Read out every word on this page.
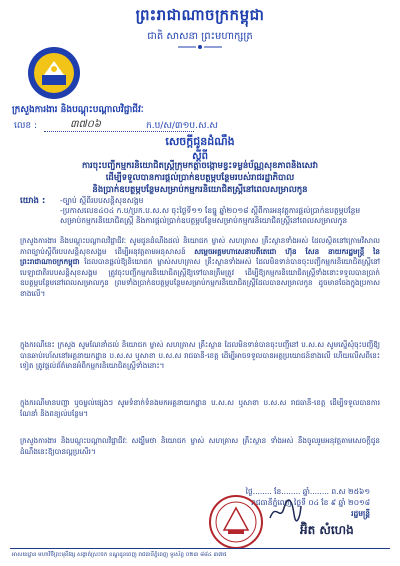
ព្រះរាជាណាចក្រកម្ពុជា
ជាតិ សាសនា ព្រះមហាក្សត្រ
ក្រសួងការងារ និងបណ្តុះបណ្តាលវិជ្ជាជីវៈ
លេខ :	៣៧០៦	ក.ប/ស/៣១ប.ស.ស
សេចក្តីជូនដំណឹង
ស្តីពី
ការចុះបញ្ជីកម្មករនិយោជិតស្ត្រីក្រុមកត្តាចង្កោមខ្វះទម្ងន់ប័ណ្ណសុខភាពនិងសេវា
ដើម្បីទទួលបានការផ្តល់ប្រាក់ឧបត្ថម្ភបន្ថែមរបស់រាជរដ្ឋាភិបាល
និងប្រាក់ឧបត្ថម្ភបន្ថែមសម្រាប់កម្មករនិយោជិតស្ត្រីនៅពេលសម្រាលកូន
យោង : -ច្បាប់ ស្តីពីរបបសន្តិសុខសង្គម
-ប្រកាសលេខ៤០៤ ក.ប/ប្រក.ប.ស.ស ចុះថ្ងៃទី១១ ខែធ្នូ ឆ្នាំ២០១៨ ស្តីពីការអនុវត្តការផ្តល់ប្រាក់ឧបត្ថម្ភបន្ថែមសម្រាប់កម្មករនិយោជិតស្ត្រី និងការផ្តល់ប្រាក់ឧបត្ថម្ភបន្ថែមសម្រាប់កម្មករនិយោជិតស្ត្រីនៅពេលសម្រាលកូន
ក្រសួងការងារ និងបណ្តុះបណ្តាលវិជ្ជាជីវៈ សូមជូនដំណឹងដល់ និយោជក ម្ចាស់ សហគ្រាស គ្រឹះស្ថានទាំងអស់ ដែលស្ថិតនៅក្រោមវិសាលភាពច្បាប់ស្តីពីរបបសន្តិសុខសង្គម ដើម្បីអនុវត្តតាមអនុសាសន៍ សម្តេចអគ្គមហាសេនាបតីតេជោ ហ៊ុន សែន នាយករដ្ឋមន្ត្រី នៃព្រះរាជាណាចក្រកម្ពុជា ដែលបានផ្តល់ឱ្យនិយោជក ម្ចាស់សហគ្រាស គ្រឹះស្ថានទាំងអស់ ដែលមិនទាន់បានចុះបញ្ជីកម្មករនិយោជិតស្ត្រីនៅ បេឡាជាតិរបបសន្តិសុខសង្គម ត្រូវចុះបញ្ជីកម្មករនិយោជិតស្ត្រីឱ្យទៅបានត្រឹមត្រូវ ដើម្បីឱ្យកម្មករនិយោជិតស្ត្រីទាំងនោះទទួលបានប្រាក់ឧបត្ថម្ភបន្ថែមនៅពេលសម្រាលកូន ព្រមទាំងប្រាក់ឧបត្ថម្ភបន្ថែមសម្រាប់កម្មករនិយោជិតស្ត្រីដែលបានសម្រាលកូន ដូចមានចែងក្នុងប្រកាសខាងលើ។
ក្នុងករណីនេះ ក្រសួង សូមណែនាំដល់ និយោជក ម្ចាស់ សហគ្រាស គ្រឹះស្ថាន ដែលមិនទាន់បានចុះបញ្ជីនៅ ប.ស.ស សូមស្នើសុំចុះបញ្ជីឱ្យបានឆាប់រហ័សនៅអគ្គនាយកដ្ឋាន ប.ស.ស ឬសាខា ប.ស.ស រាជធានី-ខេត្ត ដើម្បីអាចទទួលបានអត្ថប្រយោជន៍ខាងលើ ហើយលើសពីនេះទៀត ត្រូវផ្តល់ព័ត៌មានអំពីកម្មករនិយោជិតស្ត្រីទាំងនោះ។
ក្នុងករណីមានបញ្ហា ឬចម្ងល់ផ្សេងៗ សូមទំនាក់ទំនងមកអគ្គនាយកដ្ឋាន ប.ស.ស ឬសាខា ប.ស.ស រាជធានី-ខេត្ត ដើម្បីទទួលបានការណែនាំ និងពន្យល់បន្ថែម។
ក្រសួងការងារ និងបណ្តុះបណ្តាលវិជ្ជាជីវៈ សង្ឃឹមថា និយោជក ម្ចាស់ សហគ្រាស គ្រឹះស្ថាន ទាំងអស់ នឹងចូលរួមអនុវត្តតាមសេចក្តីជូនដំណឹងនេះឱ្យបានល្អប្រសើរ។
ថ្ងៃ........ ខែ........ ឆ្នាំ........ ព.ស ២៥៦១
រាជធានីភ្នំពេញ ថ្ងៃទី ០៤ ខែ ៩ ឆ្នាំ ២០១៨
រដ្ឋមន្ត្រី
អ៊ិត សំហេង
អាសយដ្ឋាន មហាវិថីព្រះមុនីវង្ស សង្កាត់ស្រះចក ខណ្ឌដូនពេញ រាជធានីភ្នំពេញ ទូរស័ព្ទ ០២៣ ៨៨៤ ៣៧៥
